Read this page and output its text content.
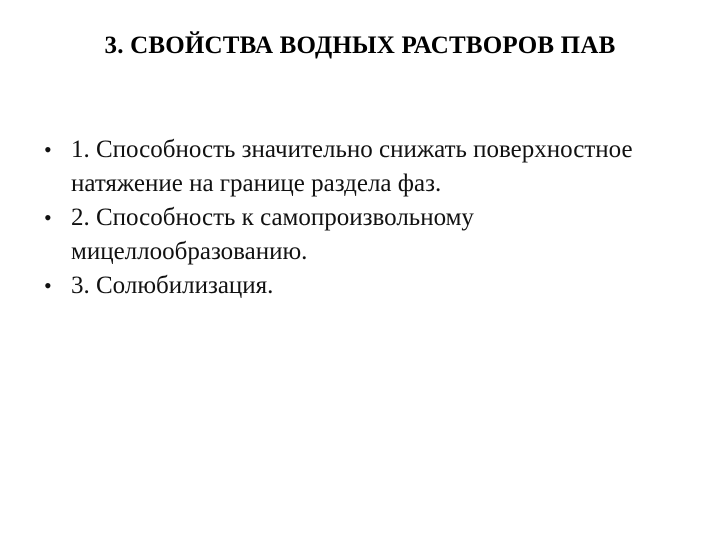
3. СВОЙСТВА ВОДНЫХ РАСТВОРОВ ПАВ
• 1. Способность значительно снижать поверхностное натяжение на границе раздела фаз.
• 2. Способность к самопроизвольному мицеллообразованию.
• 3. Солюбилизация.
